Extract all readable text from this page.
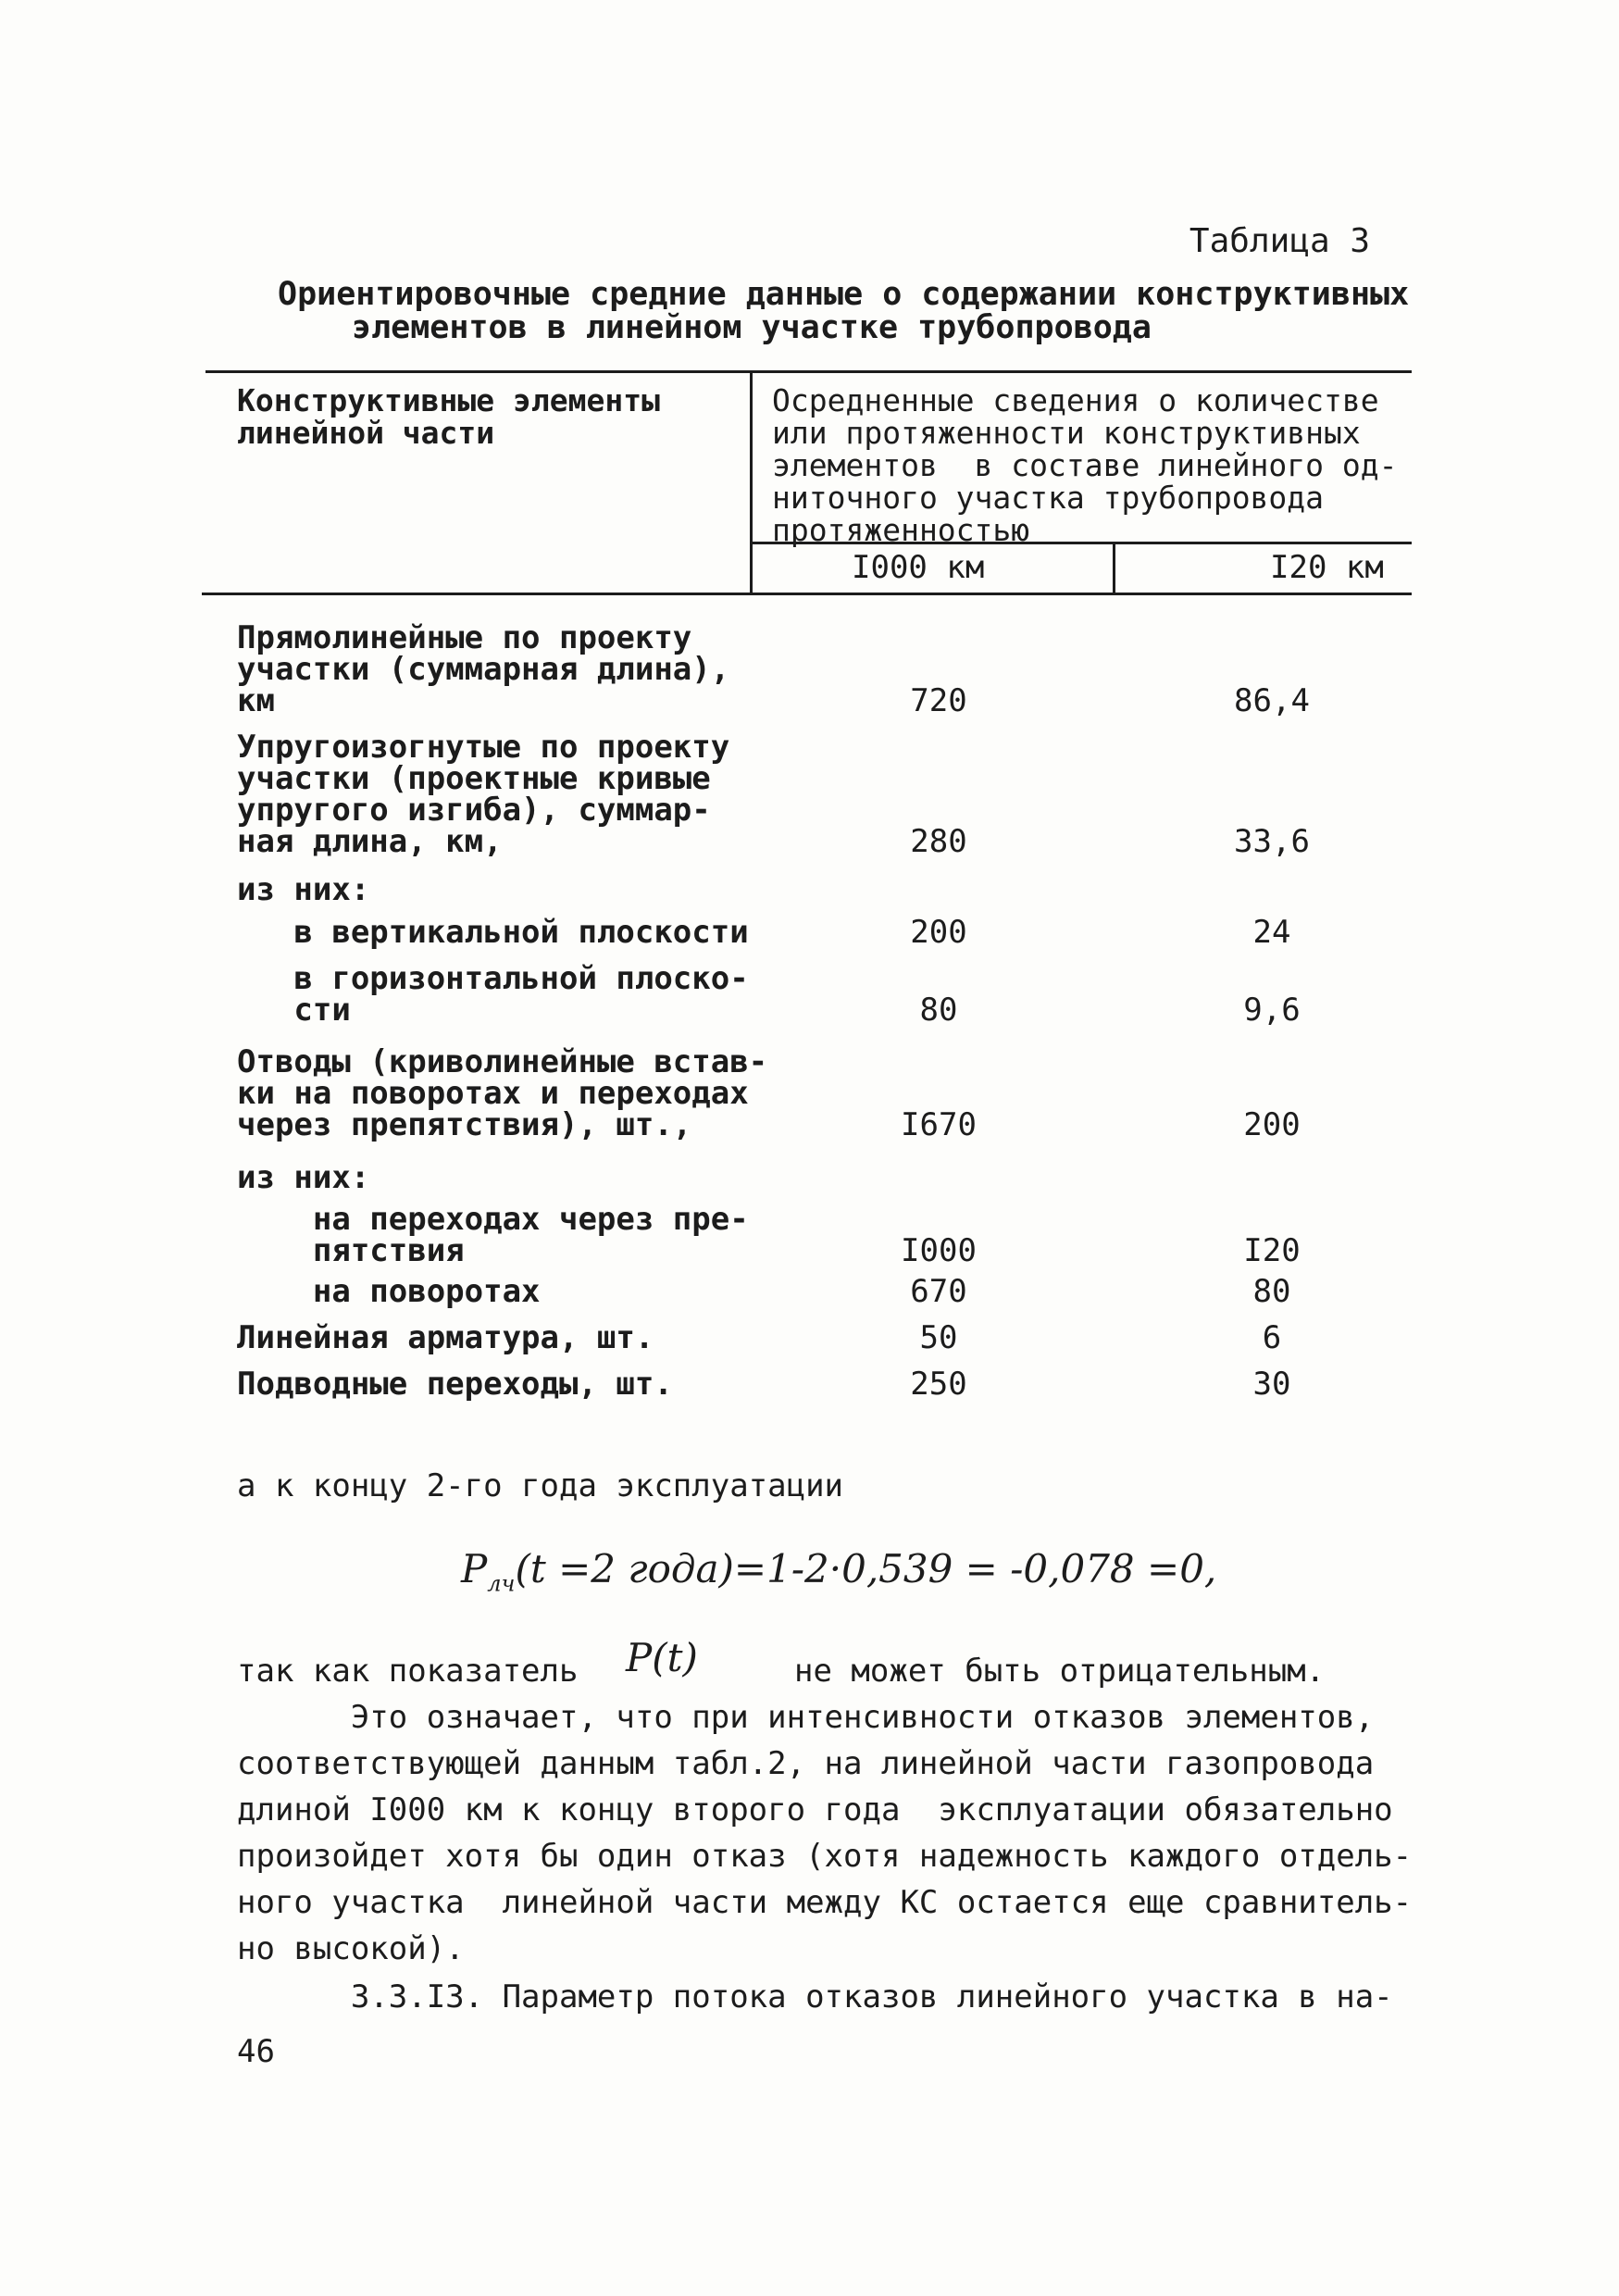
Таблица 3
Ориентировочные средние данные о содержании конструктивных
элементов в линейном участке трубопровода
Конструктивные элементы
линейной части
Осредненные сведения о количестве
или протяженности конструктивных
элементов  в составе линейного од-
ниточного участка трубопровода
протяженностью
I000 км	I20 км
Прямолинейные по проекту
участки (суммарная длина),
км	720	86,4
Упругоизогнутые по проекту
участки (проектные кривые
упругого изгиба), суммар-
ная длина, км,	280	33,6
из них:
в вертикальной плоскости	200	24
в горизонтальной плоско-
сти	80	9,6
Отводы (криволинейные встав-
ки на поворотах и переходах
через препятствия), шт.,	I670	200
из них:
на переходах через пре-
пятствия	I000	I20
на поворотах	670	80
Линейная арматура, шт.	50	6
Подводные переходы, шт.	250	30
а к концу 2-го года эксплуатации
$P_{лч}(t =2$ года)=1-2·0,539 = -0,078 =0,
так как показатель P(t)	не может быть отрицательным.
Это означает, что при интенсивности отказов элементов,
соответствующей данным табл.2, на линейной части газопровода
длиной I000 км к концу второго года  эксплуатации обязательно
произойдет хотя бы один отказ (хотя надежность каждого отдель-
ного участка  линейной части между КС остается еще сравнитель-
но высокой).
3.3.I3. Параметр потока отказов линейного участка в на-
46
